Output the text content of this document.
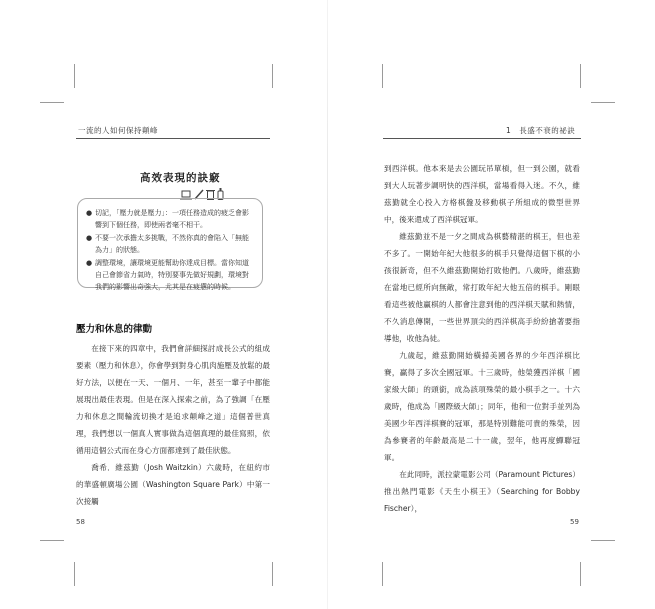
一流的人如何保持顛峰
高效表現的訣竅
● 切記，「壓力就是壓力」：一項任務造成的疲乏會影響到下個任務，即使兩者毫不相干。
● 不要一次承擔太多挑戰，不然你真的會陷入「無能為力」的狀態。
● 調整環境，讓環境更能幫助你達成目標。當你知道自己會節省力氣時，特別要事先做好規劃，環境對我們的影響出奇強大，尤其是在疲憊的時候。
壓力和休息的律動

在接下來的四章中，我們會詳細探討成長公式的組成要素（壓力和休息），你會學到對身心肌肉施壓及放鬆的最好方法，以便在一天、一個月、一年，甚至一輩子中都能展現出最佳表現。但是在深入探索之前，為了強調「在壓力和休息之間輪流切換才是追求顛峰之道」這個普世真理，我們想以一個真人實事做為這個真理的最佳寫照，依循用這個公式而在身心方面都達到了最佳狀態。

喬希．維茲勤（Josh Waitzkin）六歲時，在紐約市的華盛頓廣場公園（Washington Square Park）中第一次接觸

58
1　長盛不衰的祕訣

到西洋棋。他本來是去公園玩吊單槓，但一到公園，就看到大人玩著步調明快的西洋棋，當場看得入迷。不久，維茲勤就全心投入方格棋盤及移動棋子所組成的微型世界中，後來還成了西洋棋冠軍。

維茲勤並不是一夕之間成為棋藝精湛的棋王，但也差不多了。一開始年紀大他很多的棋手只覺得這個下棋的小孩很新奇，但不久維茲勤開始打敗他們。八歲時，維茲勤在當地已經所向無敵，常打敗年紀大他五倍的棋手。剛眼看這些被他贏棋的人都會注意到他的西洋棋天賦和熱情，不久消息傳開，一些世界頂尖的西洋棋高手紛紛搶著要指導他，收他為徒。

九歲起，維茲勤開始橫掃美國各界的少年西洋棋比賽，贏得了多次全國冠軍。十三歲時，他榮獲西洋棋「國家級大師」的頭銜，成為該項殊榮的最小棋手之一。十六歲時，他成為「國際級大師」；同年，他和一位對手並列為美國少年西洋棋賽的冠軍，那是特別難能可貴的殊榮，因為參賽者的年齡最高是二十一歲，翌年，他再度蟬聯冠軍。

在此同時，派拉蒙電影公司（Paramount Pictures）推出熱門電影《天生小棋王》（Searching for Bobby Fischer），

59
